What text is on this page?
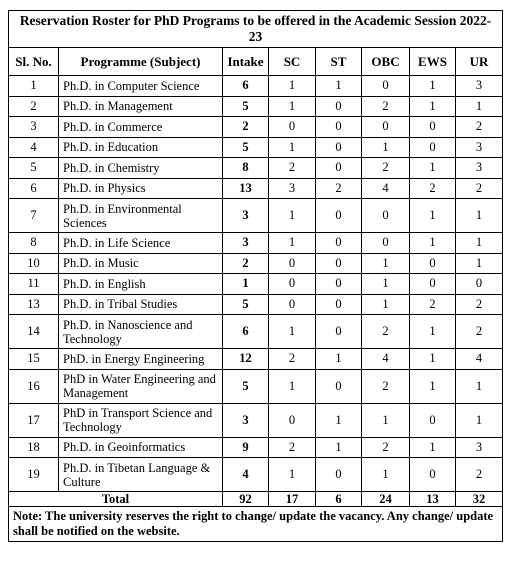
Reservation Roster for PhD Programs to be offered in the Academic Session 2022-23							
Sl. No.	Programme (Subject)	Intake	SC	ST	OBC	EWS	UR
1	Ph.D. in Computer Science	6	1	1	0	1	3
2	Ph.D. in Management	5	1	0	2	1	1
3	Ph.D. in Commerce	2	0	0	0	0	2
4	Ph.D. in Education	5	1	0	1	0	3
5	Ph.D. in Chemistry	8	2	0	2	1	3
6	Ph.D. in Physics	13	3	2	4	2	2
7	Ph.D. in Environmental Sciences	3	1	0	0	1	1
8	Ph.D. in Life Science	3	1	0	0	1	1
10	Ph.D. in Music	2	0	0	1	0	1
11	Ph.D. in English	1	0	0	1	0	0
13	Ph.D. in Tribal Studies	5	0	0	1	2	2
14	Ph.D. in Nanoscience and Technology	6	1	0	2	1	2
15	PhD. in Energy Engineering	12	2	1	4	1	4
16	PhD in Water Engineering and Management	5	1	0	2	1	1
17	PhD in Transport Science and Technology	3	0	1	1	0	1
18	Ph.D. in Geoinformatics	9	2	1	2	1	3
19	Ph.D. in Tibetan Language & Culture	4	1	0	1	0	2
Total		92	17	6	24	13	32
Note: The university reserves the right to change/ update the vacancy. Any change/ update shall be notified on the website.							
